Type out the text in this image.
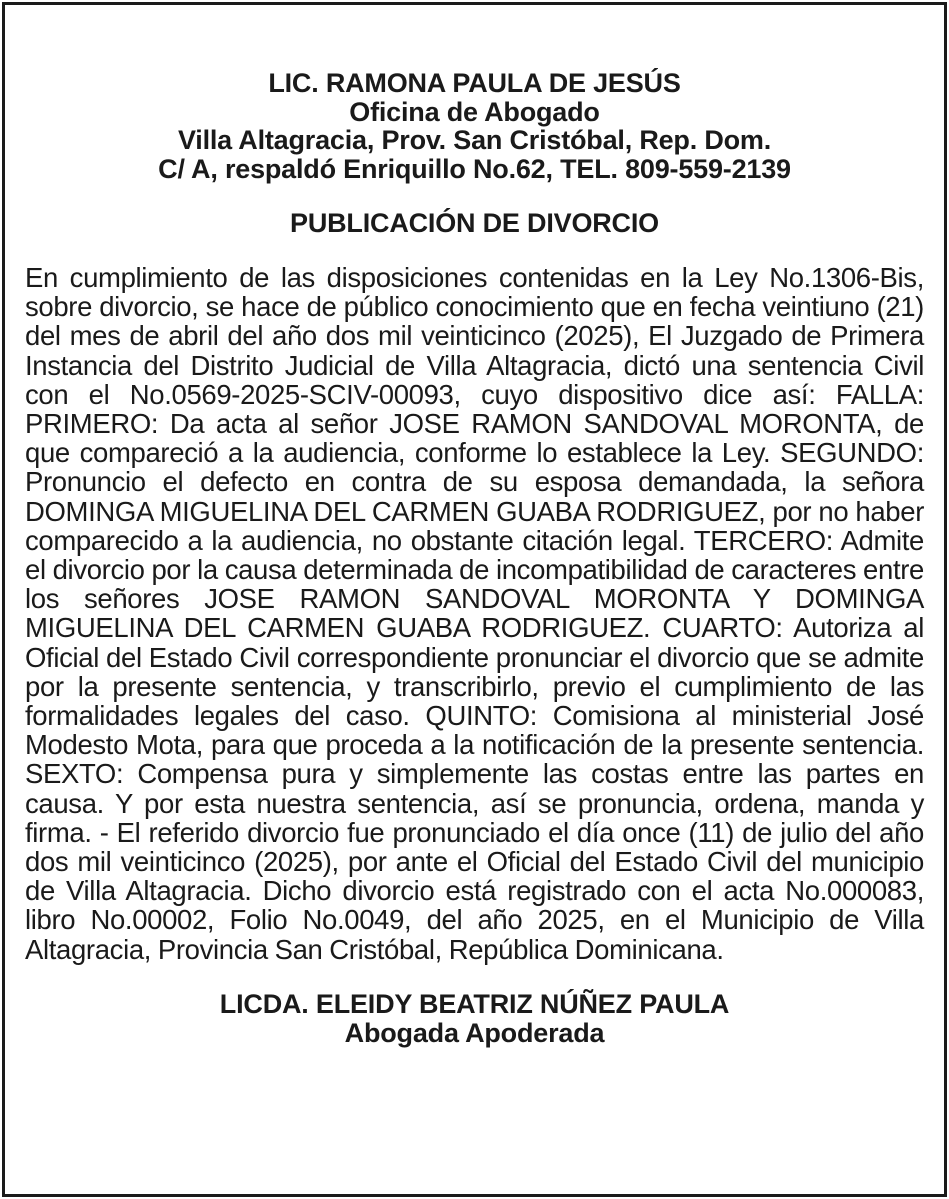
LIC. RAMONA PAULA DE JESÚS
Oficina de Abogado
Villa Altagracia, Prov. San Cristóbal, Rep. Dom.
C/ A, respaldó Enriquillo No.62, TEL. 809-559-2139
PUBLICACIÓN DE DIVORCIO
En cumplimiento de las disposiciones contenidas en la Ley No.1306-Bis, sobre divorcio, se hace de público conocimiento que en fecha veintiuno (21) del mes de abril del año dos mil veinticinco (2025), El Juzgado de Primera Instancia del Distrito Judicial de Villa Altagracia, dictó una sentencia Civil con el No.0569-2025-SCIV-00093, cuyo dispositivo dice así: FALLA: PRIMERO: Da acta al señor JOSE RAMON SANDOVAL MORONTA, de que compareció a la audiencia, conforme lo establece la Ley. SEGUNDO: Pronuncio el defecto en contra de su esposa demandada, la señora DOMINGA MIGUELINA DEL CARMEN GUABA RODRIGUEZ, por no haber comparecido a la audiencia, no obstante citación legal. TERCERO: Admite el divorcio por la causa determinada de incompatibilidad de caracteres entre los señores JOSE RAMON SANDOVAL MORONTA Y DOMINGA MIGUELINA DEL CARMEN GUABA RODRIGUEZ. CUARTO: Autoriza al Oficial del Estado Civil correspondiente pronunciar el divorcio que se admite por la presente sentencia, y transcribirlo, previo el cumplimiento de las formalidades legales del caso. QUINTO: Comisiona al ministerial José Modesto Mota, para que proceda a la notificación de la presente sentencia. SEXTO: Compensa pura y simplemente las costas entre las partes en causa. Y por esta nuestra sentencia, así se pronuncia, ordena, manda y firma. - El referido divorcio fue pronunciado el día once (11) de julio del año dos mil veinticinco (2025), por ante el Oficial del Estado Civil del municipio de Villa Altagracia. Dicho divorcio está registrado con el acta No.000083, libro No.00002, Folio No.0049, del año 2025, en el Municipio de Villa Altagracia, Provincia San Cristóbal, República Dominicana.
LICDA. ELEIDY BEATRIZ NÚÑEZ PAULA
Abogada Apoderada
